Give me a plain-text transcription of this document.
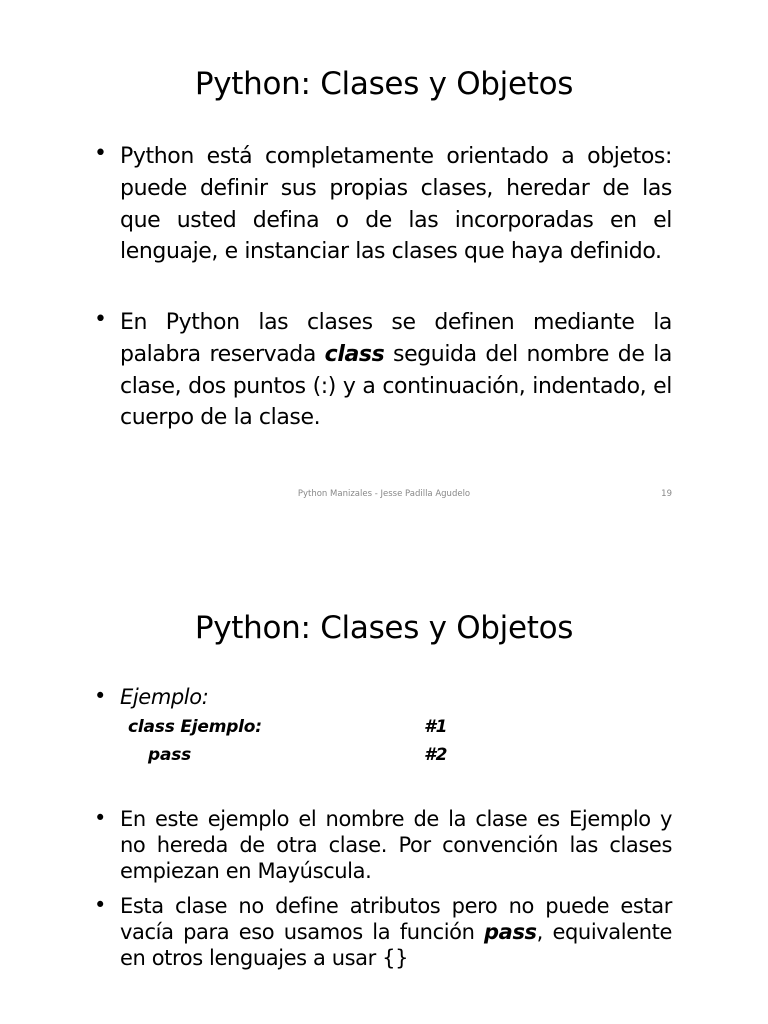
Python: Clases y Objetos
• Python está completamente orientado a objetos: puede definir sus propias clases, heredar de las que usted defina o de las incorporadas en el lenguaje, e instanciar las clases que haya definido.
• En Python las clases se definen mediante la palabra reservada class seguida del nombre de la clase, dos puntos (:) y a continuación, indentado, el cuerpo de la clase.
Python Manizales - Jesse Padilla Agudelo	19
Python: Clases y Objetos
• Ejemplo:
class Ejemplo:	#1
pass	#2
• En este ejemplo el nombre de la clase es Ejemplo y no hereda de otra clase. Por convención las clases empiezan en Mayúscula.
• Esta clase no define atributos pero no puede estar vacía para eso usamos la función pass, equivalente en otros lenguajes a usar {}
